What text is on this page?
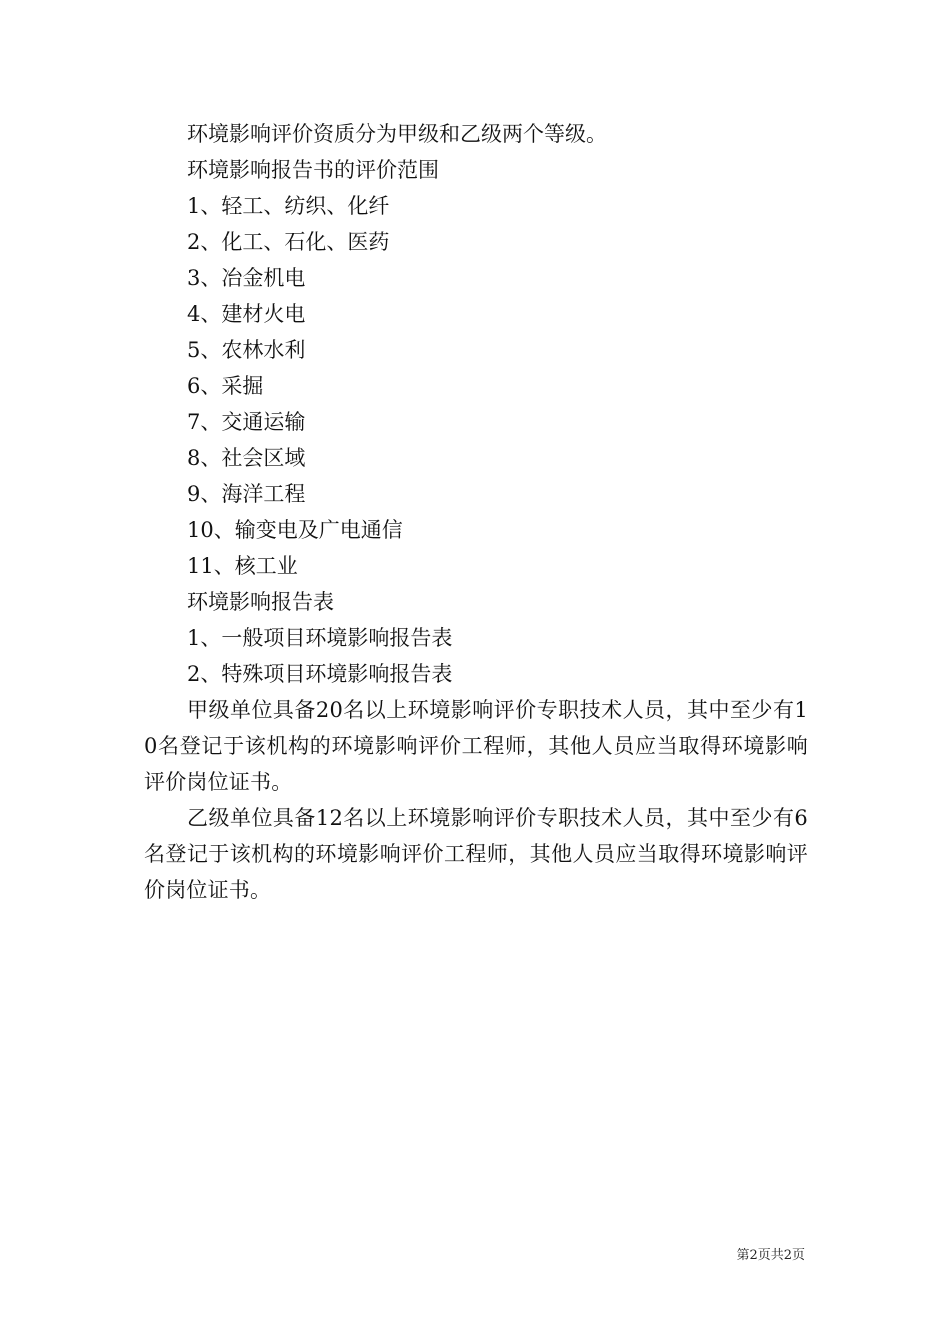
环境影响评价资质分为甲级和乙级两个等级。
环境影响报告书的评价范围
1、轻工、纺织、化纤
2、化工、石化、医药
3、冶金机电
4、建材火电
5、农林水利
6、采掘
7、交通运输
8、社会区域
9、海洋工程
10、输变电及广电通信
11、核工业
环境影响报告表
1、一般项目环境影响报告表
2、特殊项目环境影响报告表
甲级单位具备20名以上环境影响评价专职技术人员，其中至少有10名登记于该机构的环境影响评价工程师，其他人员应当取得环境影响评价岗位证书。
乙级单位具备12名以上环境影响评价专职技术人员，其中至少有6名登记于该机构的环境影响评价工程师，其他人员应当取得环境影响评价岗位证书。
第2页共2页
